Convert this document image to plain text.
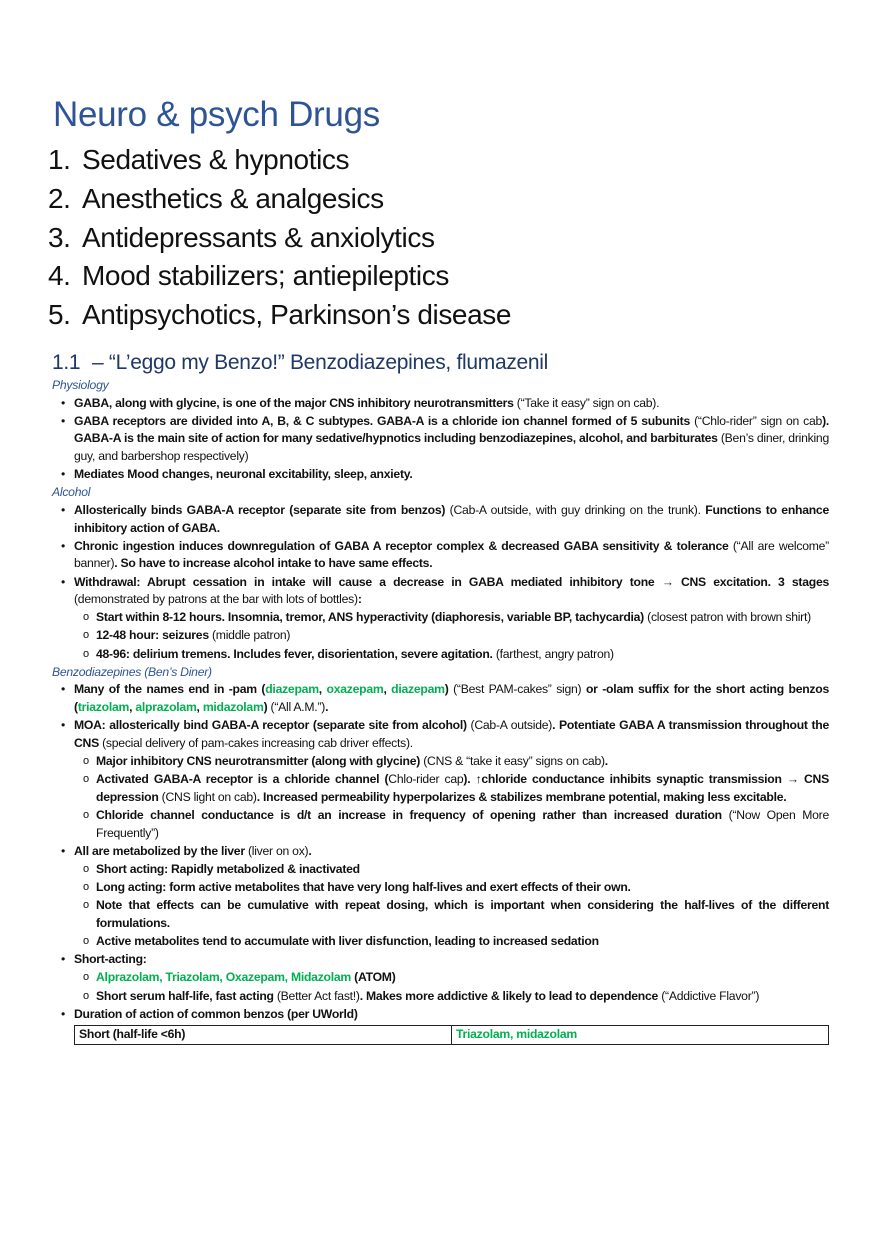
Neuro & psych Drugs
1. Sedatives & hypnotics
2. Anesthetics & analgesics
3. Antidepressants & anxiolytics
4. Mood stabilizers; antiepileptics
5. Antipsychotics, Parkinson’s disease
1.1 – “L’eggo my Benzo!” Benzodiazepines, flumazenil

Physiology

• GABA, along with glycine, is one of the major CNS inhibitory neurotransmitters (“Take it easy” sign on cab).

• GABA receptors are divided into A, B, & C subtypes. GABA-A is a chloride ion channel formed of 5 subunits (“Chlo-rider” sign on cab). GABA-A is the main site of action for many sedative/hypnotics including benzodiazepines, alcohol, and barbiturates (Ben’s diner, drinking guy, and barbershop respectively)

• Mediates Mood changes, neuronal excitability, sleep, anxiety.

Alcohol

• Allosterically binds GABA-A receptor (separate site from benzos) (Cab-A outside, with guy drinking on the trunk). Functions to enhance inhibitory action of GABA.

• Chronic ingestion induces downregulation of GABA A receptor complex & decreased GABA sensitivity & tolerance (“All are welcome” banner). So have to increase alcohol intake to have same effects.

• Withdrawal: Abrupt cessation in intake will cause a decrease in GABA mediated inhibitory tone → CNS excitation. 3 stages (demonstrated by patrons at the bar with lots of bottles):

o Start within 8-12 hours. Insomnia, tremor, ANS hyperactivity (diaphoresis, variable BP, tachycardia) (closest patron with brown shirt)

o 12-48 hour: seizures (middle patron)

o 48-96: delirium tremens. Includes fever, disorientation, severe agitation. (farthest, angry patron)

Benzodiazepines (Ben’s Diner)

• Many of the names end in -pam (diazepam, oxazepam, diazepam) (“Best PAM-cakes” sign) or -olam suffix for the short acting benzos (triazolam, alprazolam, midazolam) (“All A.M.”).

• MOA: allosterically bind GABA-A receptor (separate site from alcohol) (Cab-A outside). Potentiate GABA A transmission throughout the CNS (special delivery of pam-cakes increasing cab driver effects).

o Major inhibitory CNS neurotransmitter (along with glycine) (CNS & “take it easy” signs on cab).

o Activated GABA-A receptor is a chloride channel (Chlo-rider cap). ↑chloride conductance inhibits synaptic transmission → CNS depression (CNS light on cab). Increased permeability hyperpolarizes & stabilizes membrane potential, making less excitable.

o Chloride channel conductance is d/t an increase in frequency of opening rather than increased duration (“Now Open More Frequently”)

• All are metabolized by the liver (liver on ox).

o Short acting: Rapidly metabolized & inactivated

o Long acting: form active metabolites that have very long half-lives and exert effects of their own.

o Note that effects can be cumulative with repeat dosing, which is important when considering the half-lives of the different formulations.

o Active metabolites tend to accumulate with liver disfunction, leading to increased sedation

• Short-acting:

o Alprazolam, Triazolam, Oxazepam, Midazolam (ATOM)

o Short serum half-life, fast acting (Better Act fast!). Makes more addictive & likely to lead to dependence (“Addictive Flavor”)

• Duration of action of common benzos (per UWorld)

Short (half-life <6h)	Triazolam, midazolam
